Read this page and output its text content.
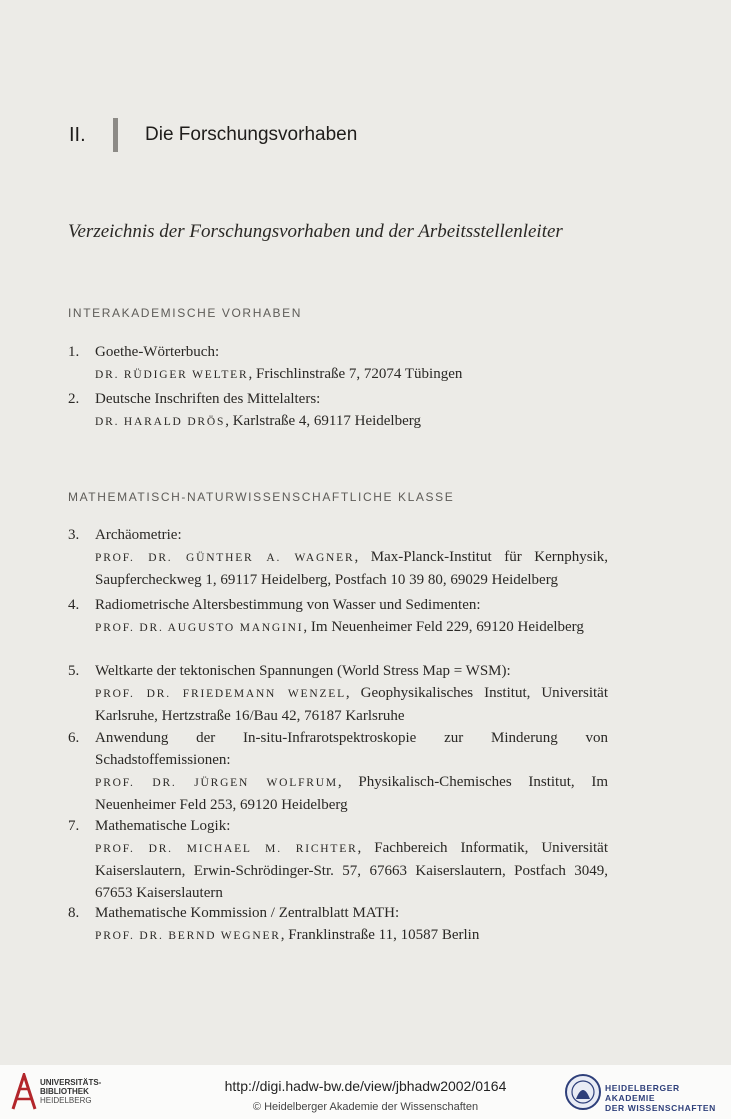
II.	Die Forschungsvorhaben
Verzeichnis der Forschungsvorhaben und der Arbeitsstellenleiter
INTERAKADEMISCHE VORHABEN
1. Goethe-Wörterbuch:
DR. RÜDIGER WELTER, Frischlinstraße 7, 72074 Tübingen
2. Deutsche Inschriften des Mittelalters:
DR. HARALD DRÖS, Karlstraße 4, 69117 Heidelberg
MATHEMATISCH-NATURWISSENSCHAFTLICHE KLASSE
3. Archäometrie:
PROF. DR. GÜNTHER A. WAGNER, Max-Planck-Institut für Kernphysik, Saupfercheckweg 1, 69117 Heidelberg, Postfach 10 39 80, 69029 Heidelberg
4. Radiometrische Altersbestimmung von Wasser und Sedimenten:
PROF. DR. AUGUSTO MANGINI, Im Neuenheimer Feld 229, 69120 Heidelberg
5. Weltkarte der tektonischen Spannungen (World Stress Map = WSM):
PROF. DR. FRIEDEMANN WENZEL, Geophysikalisches Institut, Universität Karlsruhe, Hertzstraße 16/Bau 42, 76187 Karlsruhe
6. Anwendung der In-situ-Infrarotspektroskopie zur Minderung von Schadstoffemissionen:
PROF. DR. JÜRGEN WOLFRUM, Physikalisch-Chemisches Institut, Im Neuenheimer Feld 253, 69120 Heidelberg
7. Mathematische Logik:
PROF. DR. MICHAEL M. RICHTER, Fachbereich Informatik, Universität Kaiserslautern, Erwin-Schrödinger-Str. 57, 67663 Kaiserslautern, Postfach 3049, 67653 Kaiserslautern
8. Mathematische Kommission / Zentralblatt MATH:
PROF. DR. BERND WEGNER, Franklinstraße 11, 10587 Berlin
UNIVERSITÄTS-
BIBLIOTHEK
HEIDELBERG
http://digi.hadw-bw.de/view/jbhadw2002/0164
© Heidelberger Akademie der Wissenschaften
HEIDELBERGER AKADEMIE
DER WISSENSCHAFTEN
